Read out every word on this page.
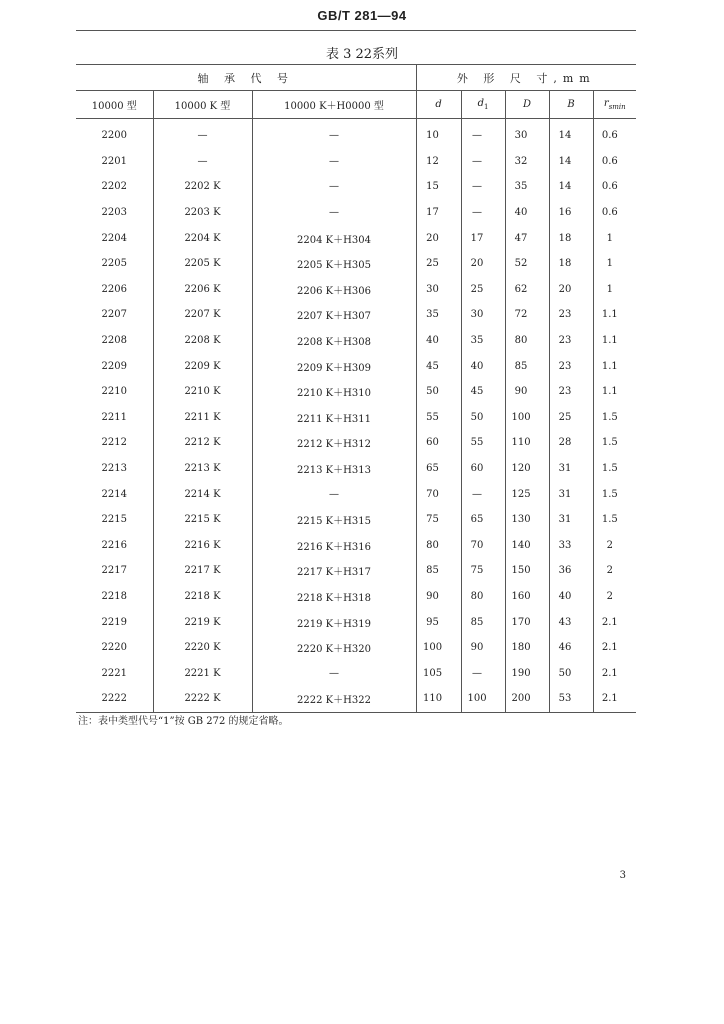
GB/T 281—94
表 3 22系列
轴 承 代 号			外 形 尺 寸,mm				
10000 型	10000 K 型	10000 K＋H0000 型	d	$d_1$	D	B	$r_{smin}$
2200	—	—	10	—	30	14	0.6
2201	—	—	12	—	32	14	0.6
2202	2202 K	—	15	—	35	14	0.6
2203	2203 K	—	17	—	40	16	0.6
2204	2204 K	2204 K＋H304	20	17	47	18	1
2205	2205 K	2205 K＋H305	25	20	52	18	1
2206	2206 K	2206 K＋H306	30	25	62	20	1
2207	2207 K	2207 K＋H307	35	30	72	23	1.1
2208	2208 K	2208 K＋H308	40	35	80	23	1.1
2209	2209 K	2209 K＋H309	45	40	85	23	1.1
2210	2210 K	2210 K＋H310	50	45	90	23	1.1
2211	2211 K	2211 K＋H311	55	50	100	25	1.5
2212	2212 K	2212 K＋H312	60	55	110	28	1.5
2213	2213 K	2213 K＋H313	65	60	120	31	1.5
2214	2214 K	—	70	—	125	31	1.5
2215	2215 K	2215 K＋H315	75	65	130	31	1.5
2216	2216 K	2216 K＋H316	80	70	140	33	2
2217	2217 K	2217 K＋H317	85	75	150	36	2
2218	2218 K	2218 K＋H318	90	80	160	40	2
2219	2219 K	2219 K＋H319	95	85	170	43	2.1
2220	2220 K	2220 K＋H320	100	90	180	46	2.1
2221	2221 K	—	105	—	190	50	2.1
2222	2222 K	2222 K＋H322	110	100	200	53	2.1
注：表中类型代号“1”按 GB 272 的规定省略。
3
